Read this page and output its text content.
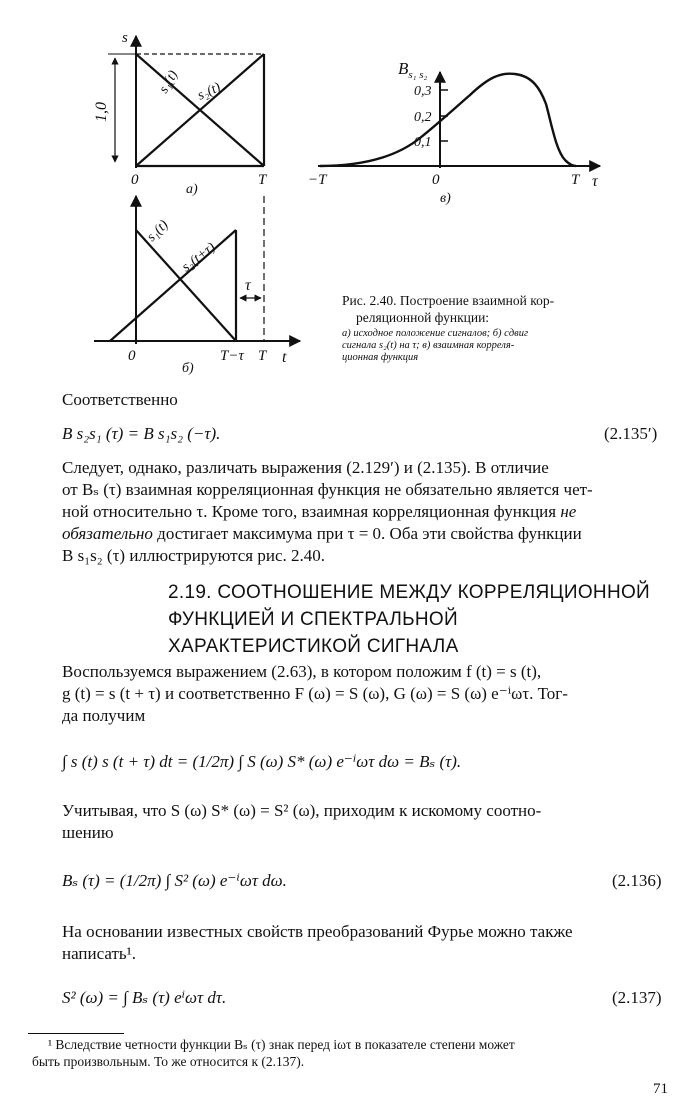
1,0
s
s₁(t) s₂(t)
0	T
а)
τ
s₁(t)
s₂(t+τ)
0	T−τ T t
б)
$B_{s_1 s_2}$
0,3
0,2
0,1
−T	0	T τ
в)
Рис. 2.40. Построение взаимной кор-
реляционной функции:
а) исходное положение сигналов; б) сдвиг
сигнала s₂(t) на τ; в) взаимная корреля-
ционная функция
Соответственно
B s₂s₁ (τ) = B s₁s₂ (−τ).	(2.135′)
Следует, однако, различать выражения (2.129′) и (2.135). В отличие
от Bₛ (τ) взаимная корреляционная функция не обязательно является чет-
ной относительно τ. Кроме того, взаимная корреляционная функция не
обязательно достигает максимума при τ = 0. Оба эти свойства функции
B s₁s₂ (τ) иллюстрируются рис. 2.40.
2.19. СООТНОШЕНИЕ МЕЖДУ КОРРЕЛЯЦИОННОЙ
ФУНКЦИЕЙ И СПЕКТРАЛЬНОЙ
ХАРАКТЕРИСТИКОЙ СИГНАЛА
Воспользуемся выражением (2.63), в котором положим f (t) = s (t),
g (t) = s (t + τ) и соответственно F (ω) = S (ω), G (ω) = S (ω) e⁻ⁱωτ. Тог-
да получим
∫ s (t) s (t + τ) dt = (1/2π) ∫ S (ω) S* (ω) e⁻ⁱωτ dω = Bₛ (τ).
Учитывая, что S (ω) S* (ω) = S² (ω), приходим к искомому соотно-
шению
Bₛ (τ) = (1/2π) ∫ S² (ω) e⁻ⁱωτ dω.	(2.136)
На основании известных свойств преобразований Фурье можно также
написать¹.
S² (ω) = ∫ Bₛ (τ) eⁱωτ dτ.	(2.137)
¹ Вследствие четности функции Bₛ (τ) знак перед iωτ в показателе степени может
быть произвольным. То же относится к (2.137).
71
